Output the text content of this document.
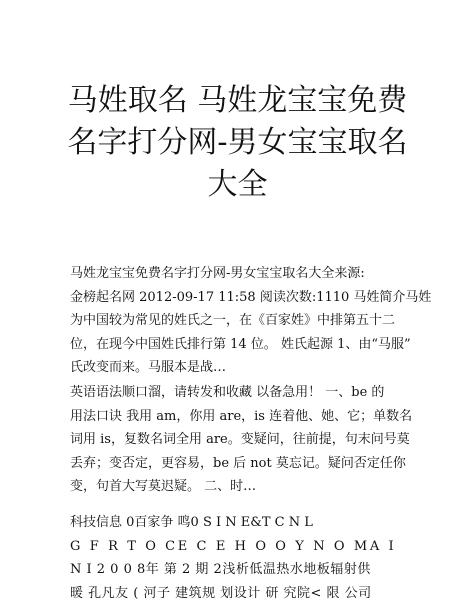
马姓取名 马姓龙宝宝免费
名字打分网-男女宝宝取名
大全
马姓龙宝宝免费名字打分网-男女宝宝取名大全来源:
金榜起名网 2012-09-17 11:58 阅读次数:1110 马姓简介马姓
为中国较为常见的姓氏之一，在《百家姓》中排第五十二
位，在现今中国姓氏排行第 14 位。 姓氏起源 1、由“马服”
氏改变而来。马服本是战…
英语语法顺口溜，请转发和收藏 以备急用！ 一、be 的
用法口诀 我用 am，你用 are，is 连着他、她、它；单数名
词用 is，复数名词全用 are。变疑问，往前提，句末问号莫
丢弃；变否定，更容易，be 后 not 莫忘记。疑问否定任你
变，句首大写莫迟疑。 二、时…
科技信息 0百家争 鸣0 S I N E&T C N L
G F R T O CE C E H O O Y N O MA I
N I 2 0 0 8年 第 2 期 2浅析低温热水地板辐射供
暖 孔凡友 ( 河子 建筑规 划设计 研 究院< 限 公司
